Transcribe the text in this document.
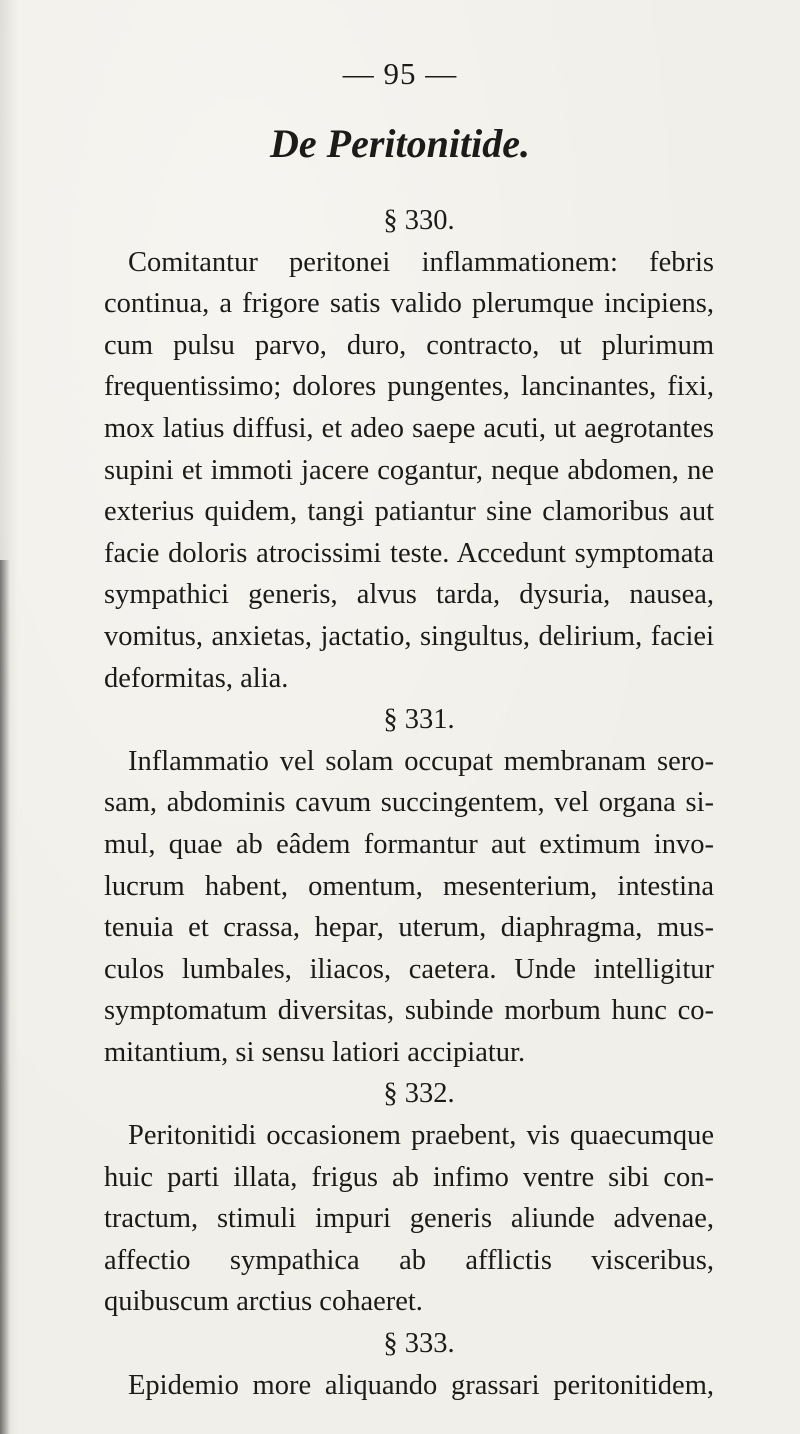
— 95 —
De Peritonitide.

§ 330.

Comitantur peritonei inflammationem: febris continua, a frigore satis valido plerumque incipiens, cum pulsu parvo, duro, contracto, ut plurimum frequentissimo; dolores pungentes, lancinantes, fixi, mox latius diffusi, et adeo saepe acuti, ut aegrotantes supini et immoti jacere cogantur, neque abdomen, ne exterius quidem, tangi patiantur sine clamoribus aut facie doloris atrocissimi teste. Accedunt symptomata sympathici generis, alvus tarda, dysuria, nausea, vomitus, anxietas, jactatio, singultus, delirium, faciei deformitas, alia.

§ 331.

Inflammatio vel solam occupat membranam serosam, abdominis cavum succingentem, vel organa simul, quae ab eâdem formantur aut extimum involucrum habent, omentum, mesenterium, intestina tenuia et crassa, hepar, uterum, diaphragma, musculos lumbales, iliacos, caetera. Unde intelligitur symptomatum diversitas, subinde morbum hunc comitantium, si sensu latiori accipiatur.

§ 332.

Peritonitidi occasionem praebent, vis quaecumque huic parti illata, frigus ab infimo ventre sibi contractum, stimuli impuri generis aliunde advenae, affectio sympathica ab afflictis visceribus, quibuscum arctius cohaeret.

§ 333.

Epidemio more aliquando grassari peritonitidem,
